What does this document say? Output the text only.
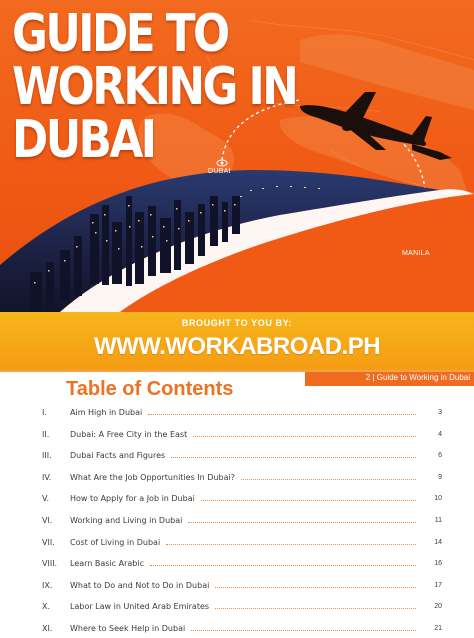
GUIDE TO
WORKING IN
DUBAI
DUBAI
MANILA
BROUGHT TO YOU BY:
WWW.WORKABROAD.PH
2 | Guide to Working in Dubai
Table of Contents
I.	Aim High in Dubai	3
II.	Dubai: A Free City in the East	4
III. Dubai Facts and Figures	6
IV. What Are the Job Opportunities In Dubai?	9
V.	How to Apply for a Job in Dubai	10
VI. Working and Living in Dubai	11
VII. Cost of Living in Dubai	14
VIII. Learn Basic Arabic	16
IX. What to Do and Not to Do in Dubai	17
X. Labor Law in United Arab Emirates	20
XI. Where to Seek Help in Dubai	21
